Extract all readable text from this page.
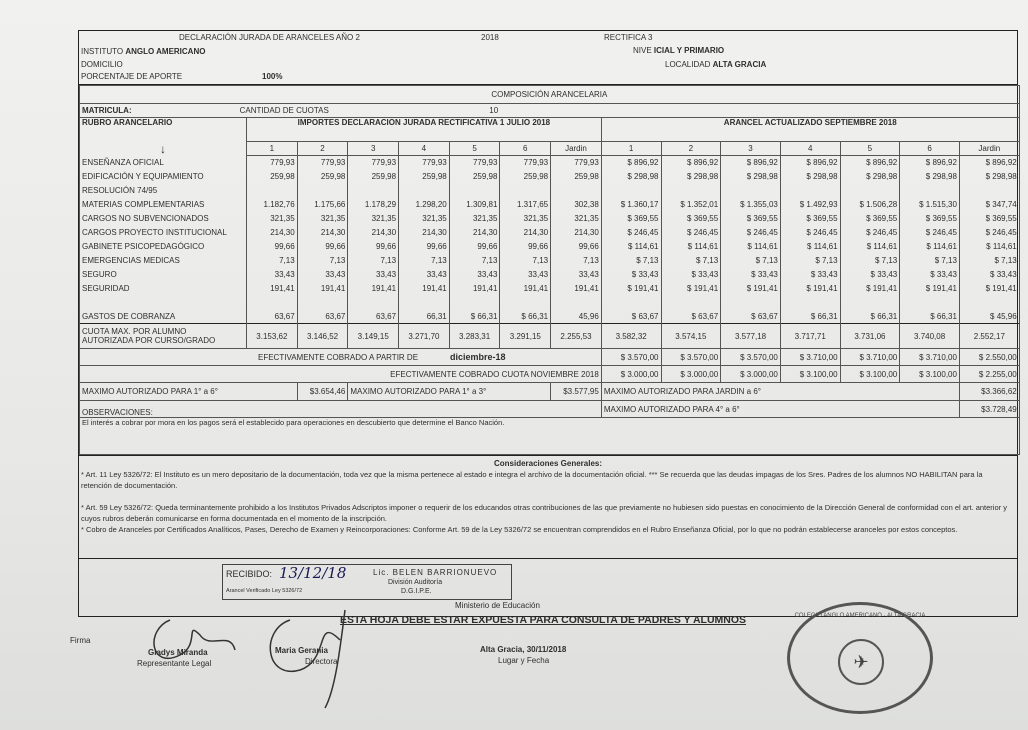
DECLARACIÓN JURADA DE ARANCELES AÑO 2	2018	RECTIFICA 3
INSTITUTO ANGLO AMERICANO	NIVE ICIAL Y PRIMARIO
DOMICILIO	LOCALIDAD ALTA GRACIA
PORCENTAJE DE APORTE	100%
COMPOSICIÓN ARANCELARIA														
MATRICULA: CANTIDAD DE CUOTAS					10									
RUBRO ARANCELARIO	IMPORTES DECLARACION JURADA RECTIFICATIVA 1 JULIO 2018							ARANCEL ACTUALIZADO SEPTIEMBRE 2018						
↓	1	2	3	4	5	6	Jardin	1	2	3	4	5	6	Jardin
ENSEÑANZA OFICIAL	779,93	779,93	779,93	779,93	779,93	779,93	779,93	$ 896,92	$ 896,92	$ 896,92	$ 896,92	$ 896,92	$ 896,92	$ 896,92
EDIFICACIÓN Y EQUIPAMIENTO	259,98	259,98	259,98	259,98	259,98	259,98	259,98	$ 298,98	$ 298,98	$ 298,98	$ 298,98	$ 298,98	$ 298,98	$ 298,98
RESOLUCIÓN 74/95														
MATERIAS COMPLEMENTARIAS	1.182,76	1.175,66	1.178,29	1.298,20	1.309,81	1.317,65	302,38	$ 1.360,17	$ 1.352,01	$ 1.355,03	$ 1.492,93	$ 1.506,28	$ 1.515,30	$ 347,74
CARGOS NO SUBVENCIONADOS	321,35	321,35	321,35	321,35	321,35	321,35	321,35	$ 369,55	$ 369,55	$ 369,55	$ 369,55	$ 369,55	$ 369,55	$ 369,55
CARGOS PROYECTO INSTITUCIONAL	214,30	214,30	214,30	214,30	214,30	214,30	214,30	$ 246,45	$ 246,45	$ 246,45	$ 246,45	$ 246,45	$ 246,45	$ 246,45
GABINETE PSICOPEDAGÓGICO	99,66	99,66	99,66	99,66	99,66	99,66	99,66	$ 114,61	$ 114,61	$ 114,61	$ 114,61	$ 114,61	$ 114,61	$ 114,61
EMERGENCIAS MEDICAS	7,13	7,13	7,13	7,13	7,13	7,13	7,13	$ 7,13	$ 7,13	$ 7,13	$ 7,13	$ 7,13	$ 7,13	$ 7,13
SEGURO	33,43	33,43	33,43	33,43	33,43	33,43	33,43	$ 33,43	$ 33,43	$ 33,43	$ 33,43	$ 33,43	$ 33,43	$ 33,43
SEGURIDAD	191,41	191,41	191,41	191,41	191,41	191,41	191,41	$ 191,41	$ 191,41	$ 191,41	$ 191,41	$ 191,41	$ 191,41	$ 191,41

GASTOS DE COBRANZA	63,67	63,67	63,67	66,31	$ 66,31	$ 66,31	45,96	$ 63,67	$ 63,67	$ 63,67	$ 66,31	$ 66,31	$ 66,31	$ 45,96

CUOTA MAX. POR ALUMNO
AUTORIZADA POR CURSO/GRADO	3.153,62	3.146,52	3.149,15	3.271,70	3.283,31	3.291,15	2.255,53	3.582,32	3.574,15	3.577,18	3.717,71	3.731,06	3.740,08	2.552,17
EFECTIVAMENTE COBRADO A PARTIR DE diciembre-18								$ 3.570,00	$ 3.570,00	$ 3.570,00	$ 3.710,00	$ 3.710,00	$ 3.710,00	$ 2.550,00
EFECTIVAMENTE COBRADO CUOTA NOVIEMBRE 2018								$ 3.000,00	$ 3.000,00	$ 3.000,00	$ 3.100,00	$ 3.100,00	$ 3.100,00	$ 2.255,00
MAXIMO AUTORIZADO PARA 1° a 6°		$3.654,46	MAXIMO AUTORIZADO PARA 1° a 3°				$3.577,95	MAXIMO AUTORIZADO PARA JARDIN a 6°						$3.366,62
OBSERVACIONES:								MAXIMO AUTORIZADO PARA 4° a 6°						$3.728,49
El interés a cobrar por mora en los pagos será el establecido para operaciones en descubierto que determine el Banco Nación.														
Consideraciones Generales:
* Art. 11 Ley 5326/72: El Instituto es un mero depositario de la documentación, toda vez que la misma pertenece al estado e integra el archivo de la documentación oficial. *** Se recuerda que las deudas impagas de los Sres. Padres de los alumnos NO HABILITAN para la retención de documentación.
* Art. 59 Ley 5326/72: Queda terminantemente prohibido a los Institutos Privados Adscriptos imponer o requerir de los educandos otras contribuciones de las que previamente no hubiesen sido puestas en conocimiento de la Dirección General de conformidad con el art. anterior y cuyos rubros deberán comunicarse en forma documentada en el momento de la inscripción.
* Cobro de Aranceles por Certificados Analíticos, Pases, Derecho de Examen y Reincorporaciones: Conforme Art. 59 de la Ley 5326/72 se encuentran comprendidos en el Rubro Enseñanza Oficial, por lo que no podrán establecerse aranceles por estos conceptos.
RECIBIDO: 13/12/18
Arancel Verificado Ley 5326/72
Lic. BELEN BARRIONUEVO
División Auditoría
D.G.I.P.E.
Ministerio de Educación
ESTA HOJA DEBE ESTAR EXPUESTA PARA CONSULTA DE PADRES Y ALUMNOS
Firma
Gladys Miranda
Representante Legal
Maria Gerania
Directora
Alta Gracia, 30/11/2018
Lugar y Fecha
COLEGIO ANGLO AMERICANO · ALTA GRACIA
✈
